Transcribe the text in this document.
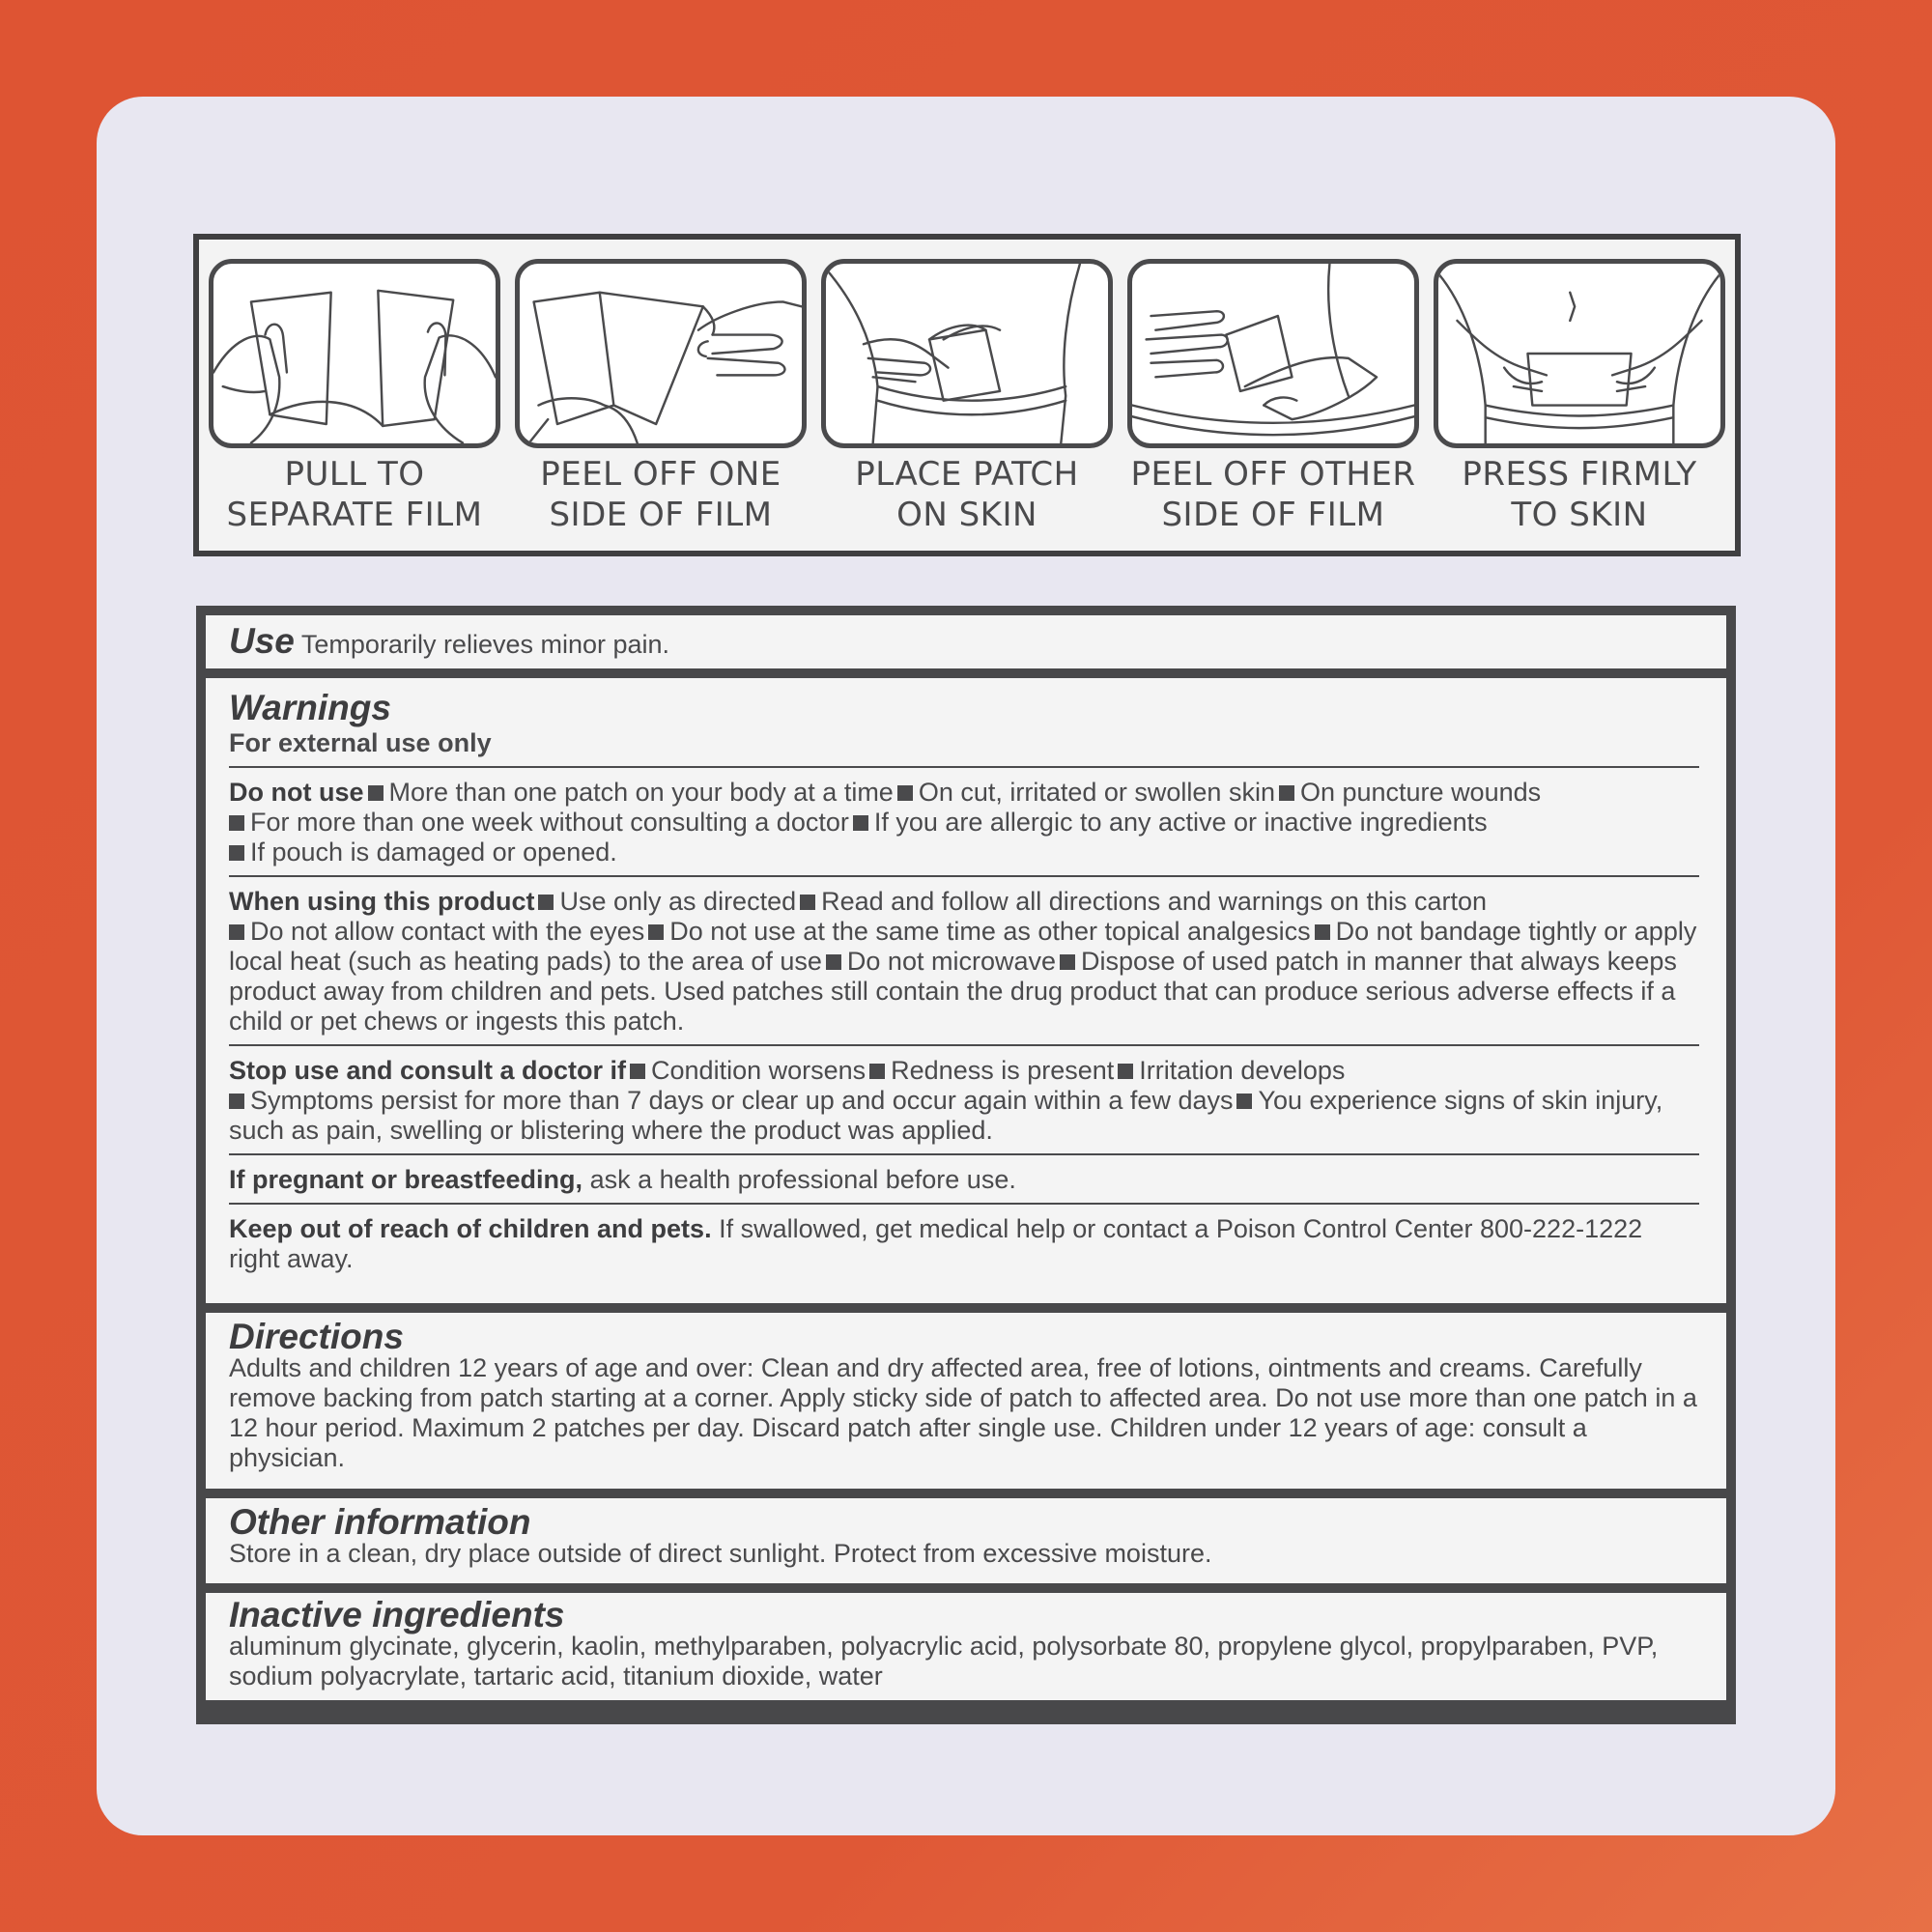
PULL TO
SEPARATE FILM
PEEL OFF ONE
SIDE OF FILM
PLACE PATCH
ON SKIN
PEEL OFF OTHER
SIDE OF FILM
PRESS FIRMLY
TO SKIN
Use Temporarily relieves minor pain.
Warnings
For external use only
Do not use More than one patch on your body at a time On cut, irritated or swollen skin On puncture wounds
For more than one week without consulting a doctor If you are allergic to any active or inactive ingredients
If pouch is damaged or opened.
When using this product Use only as directed Read and follow all directions and warnings on this carton
Do not allow contact with the eyes Do not use at the same time as other topical analgesics Do not bandage tightly or apply local heat (such as heating pads) to the area of use Do not microwave Dispose of used patch in manner that always keeps product away from children and pets. Used patches still contain the drug product that can produce serious adverse effects if a child or pet chews or ingests this patch.
Stop use and consult a doctor if Condition worsens Redness is present Irritation develops
Symptoms persist for more than 7 days or clear up and occur again within a few days You experience signs of skin injury, such as pain, swelling or blistering where the product was applied.
If pregnant or breastfeeding, ask a health professional before use.
Keep out of reach of children and pets. If swallowed, get medical help or contact a Poison Control Center 800-222-1222 right away.
Directions
Adults and children 12 years of age and over: Clean and dry affected area, free of lotions, ointments and creams. Carefully remove backing from patch starting at a corner. Apply sticky side of patch to affected area. Do not use more than one patch in a 12 hour period. Maximum 2 patches per day. Discard patch after single use. Children under 12 years of age: consult a physician.
Other information
Store in a clean, dry place outside of direct sunlight. Protect from excessive moisture.
Inactive ingredients
aluminum glycinate, glycerin, kaolin, methylparaben, polyacrylic acid, polysorbate 80, propylene glycol, propylparaben, PVP, sodium polyacrylate, tartaric acid, titanium dioxide, water
